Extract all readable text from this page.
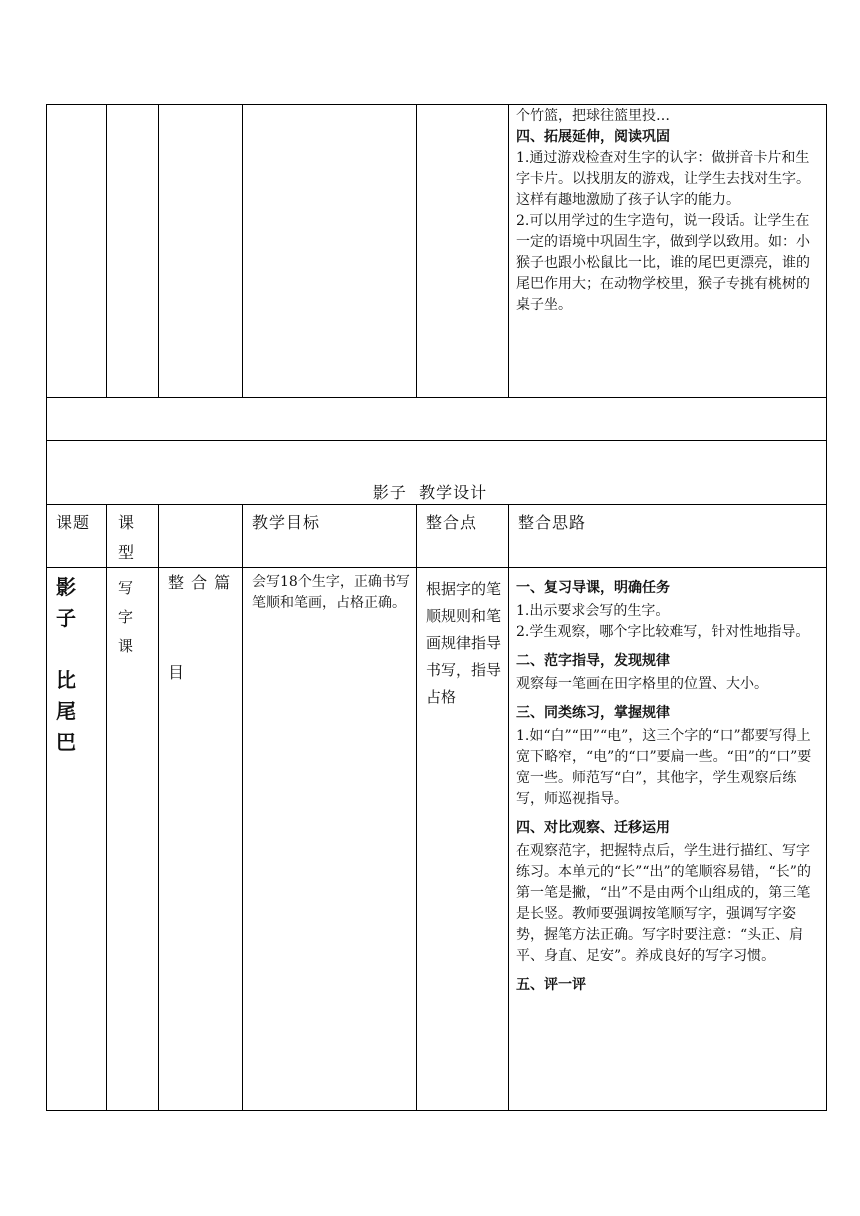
个竹篮，把球往篮里投…
四、拓展延伸，阅读巩固
1.通过游戏检查对生字的认字：做拼音卡片和生字卡片。以找朋友的游戏，让学生去找对生字。这样有趣地激励了孩子认字的能力。
2.可以用学过的生字造句，说一段话。让学生在一定的语境中巩固生字，做到学以致用。如：小猴子也跟小松鼠比一比，谁的尾巴更漂亮，谁的尾巴作用大；在动物学校里，猴子专挑有桃树的桌子坐。
影子  教学设计
课题 课
型

整 合 篇

目

教学目标	整合点	整合思路
影
子
比
尾
巴
写
字
课
会写18个生字，正确书写笔顺和笔画，占格正确。
根据字的笔顺规则和笔画规律指导书写，指导占格
一、复习导课，明确任务
1.出示要求会写的生字。
2.学生观察，哪个字比较难写，针对性地指导。
二、范字指导，发现规律
观察每一笔画在田字格里的位置、大小。
三、同类练习，掌握规律
1.如“白”“田”“电”，这三个字的“口”都要写得上宽下略窄，“电”的“口”要扁一些。“田”的“口”要宽一些。师范写“白”，其他字，学生观察后练写，师巡视指导。
四、对比观察、迁移运用
在观察范字，把握特点后，学生进行描红、写字练习。本单元的“长”“出”的笔顺容易错，“长”的第一笔是撇，“出”不是由两个山组成的，第三笔是长竖。教师要强调按笔顺写字，强调写字姿势，握笔方法正确。写字时要注意：“头正、肩平、身直、足安”。养成良好的写字习惯。
五、评一评
